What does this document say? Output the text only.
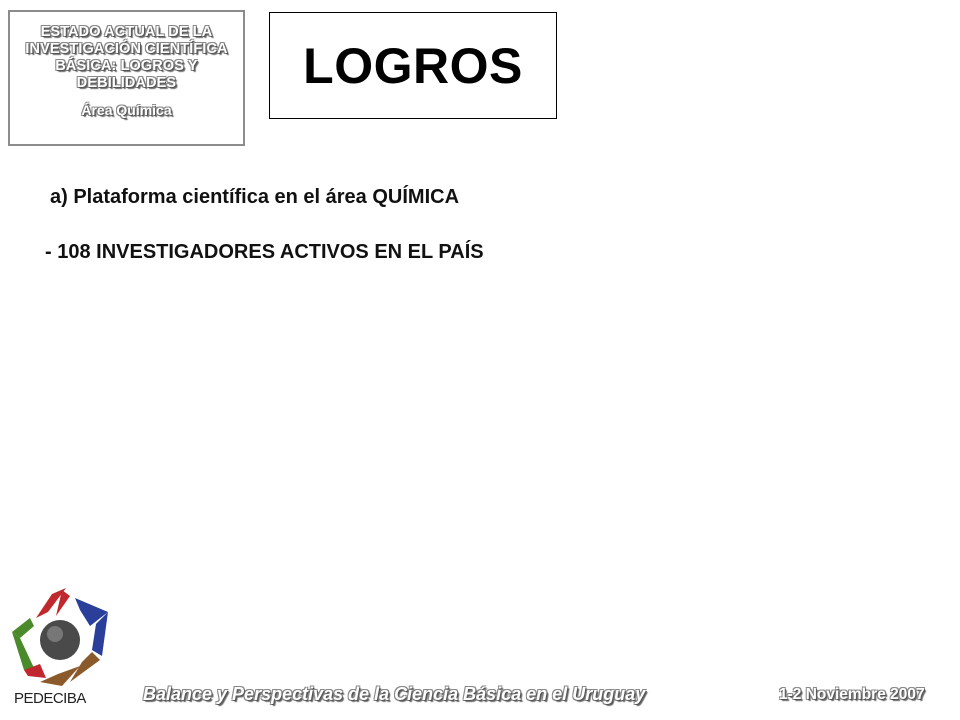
ESTADO ACTUAL DE LA INVESTIGACIÓN CIENTÍFICA BÁSICA: LOGROS Y DEBILIDADES
Área Química
LOGROS
a) Plataforma científica en el área QUÍMICA
- 108 INVESTIGADORES ACTIVOS EN EL PAÍS
PEDECIBA	Balance y Perspectivas de la Ciencia Básica en el Uruguay	1-2 Noviembre 2007
